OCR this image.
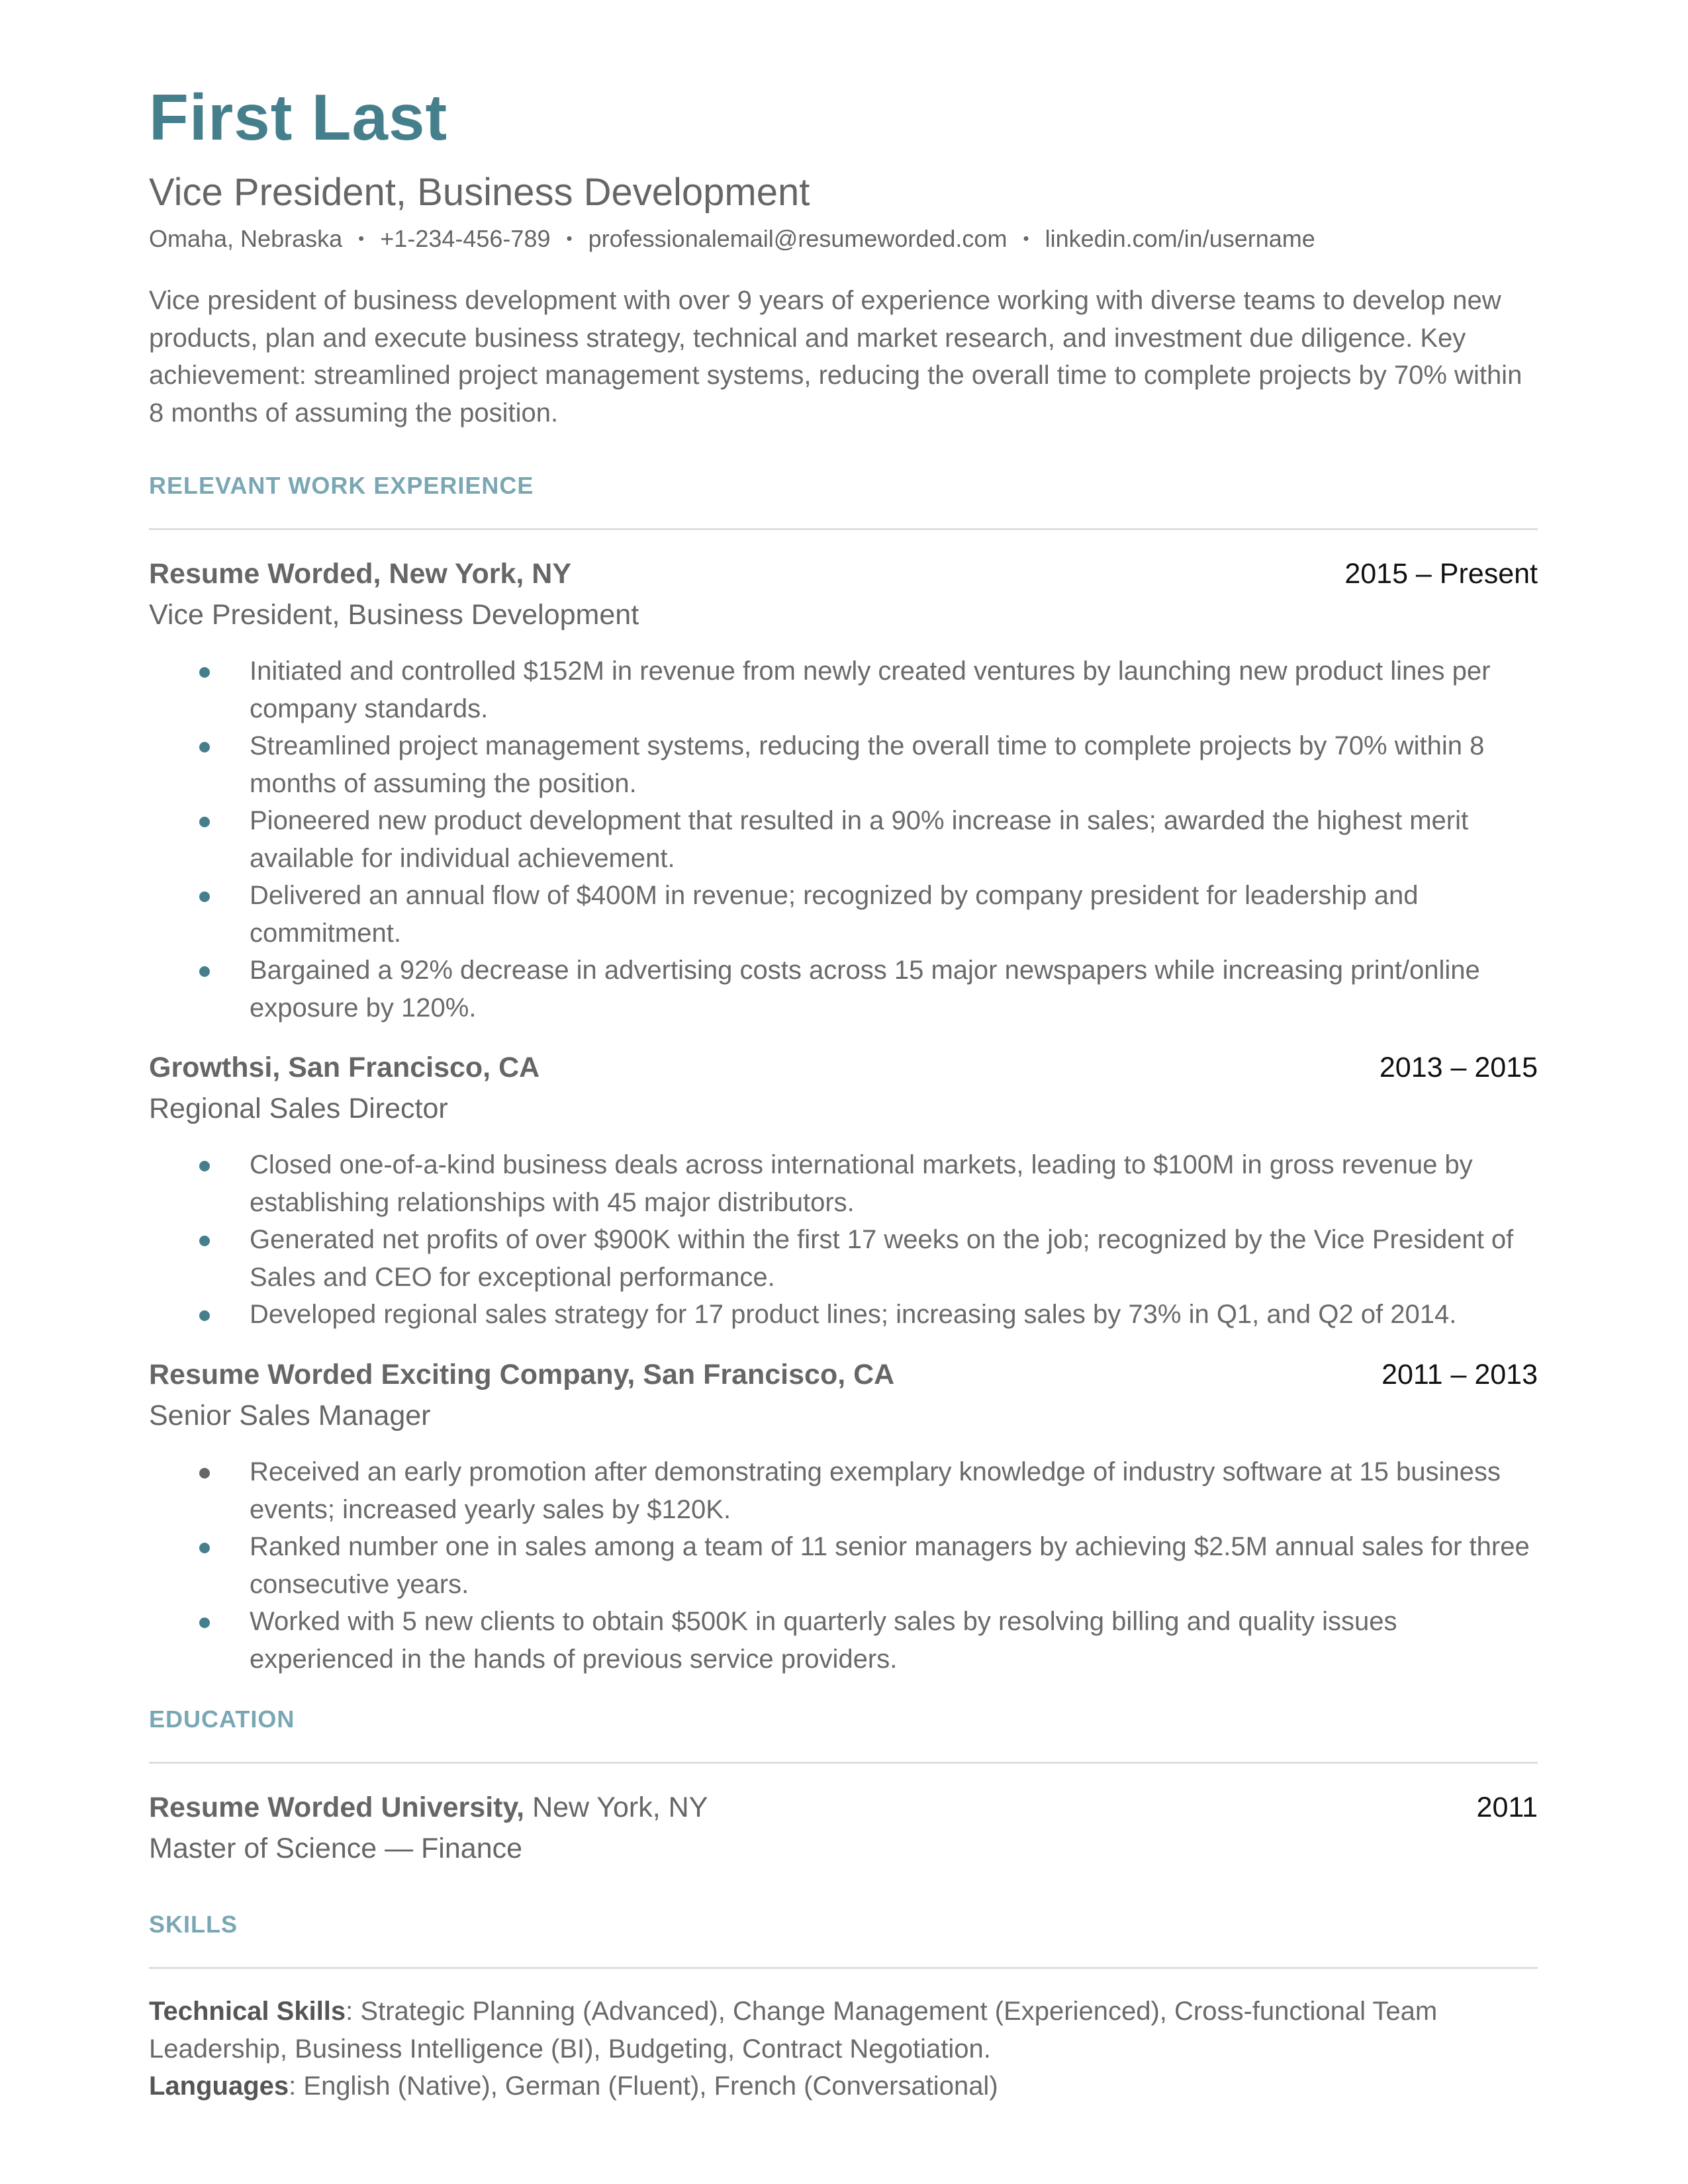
First Last
Vice President, Business Development
Omaha, Nebraska • +1-234-456-789 • professionalemail@resumeworded.com • linkedin.com/in/username
Vice president of business development with over 9 years of experience working with diverse teams to develop new products, plan and execute business strategy, technical and market research, and investment due diligence. Key achievement: streamlined project management systems, reducing the overall time to complete projects by 70% within 8 months of assuming the position.
RELEVANT WORK EXPERIENCE
Resume Worded, New York, NY	2015 – Present
Vice President, Business Development
Initiated and controlled $152M in revenue from newly created ventures by launching new product lines per company standards.
Streamlined project management systems, reducing the overall time to complete projects by 70% within 8 months of assuming the position.
Pioneered new product development that resulted in a 90% increase in sales; awarded the highest merit available for individual achievement.
Delivered an annual flow of $400M in revenue; recognized by company president for leadership and commitment.
Bargained a 92% decrease in advertising costs across 15 major newspapers while increasing print/online exposure by 120%.
Growthsi, San Francisco, CA	2013 – 2015
Regional Sales Director
Closed one-of-a-kind business deals across international markets, leading to $100M in gross revenue by establishing relationships with 45 major distributors.
Generated net profits of over $900K within the first 17 weeks on the job; recognized by the Vice President of Sales and CEO for exceptional performance.
Developed regional sales strategy for 17 product lines; increasing sales by 73% in Q1, and Q2 of 2014.
Resume Worded Exciting Company, San Francisco, CA	2011 – 2013
Senior Sales Manager
Received an early promotion after demonstrating exemplary knowledge of industry software at 15 business events; increased yearly sales by $120K.
Ranked number one in sales among a team of 11 senior managers by achieving $2.5M annual sales for three consecutive years.
Worked with 5 new clients to obtain $500K in quarterly sales by resolving billing and quality issues experienced in the hands of previous service providers.
EDUCATION
Resume Worded University, New York, NY	2011
Master of Science — Finance
SKILLS
Technical Skills: Strategic Planning (Advanced), Change Management (Experienced), Cross-functional Team Leadership, Business Intelligence (BI), Budgeting, Contract Negotiation.
Languages: English (Native), German (Fluent), French (Conversational)
